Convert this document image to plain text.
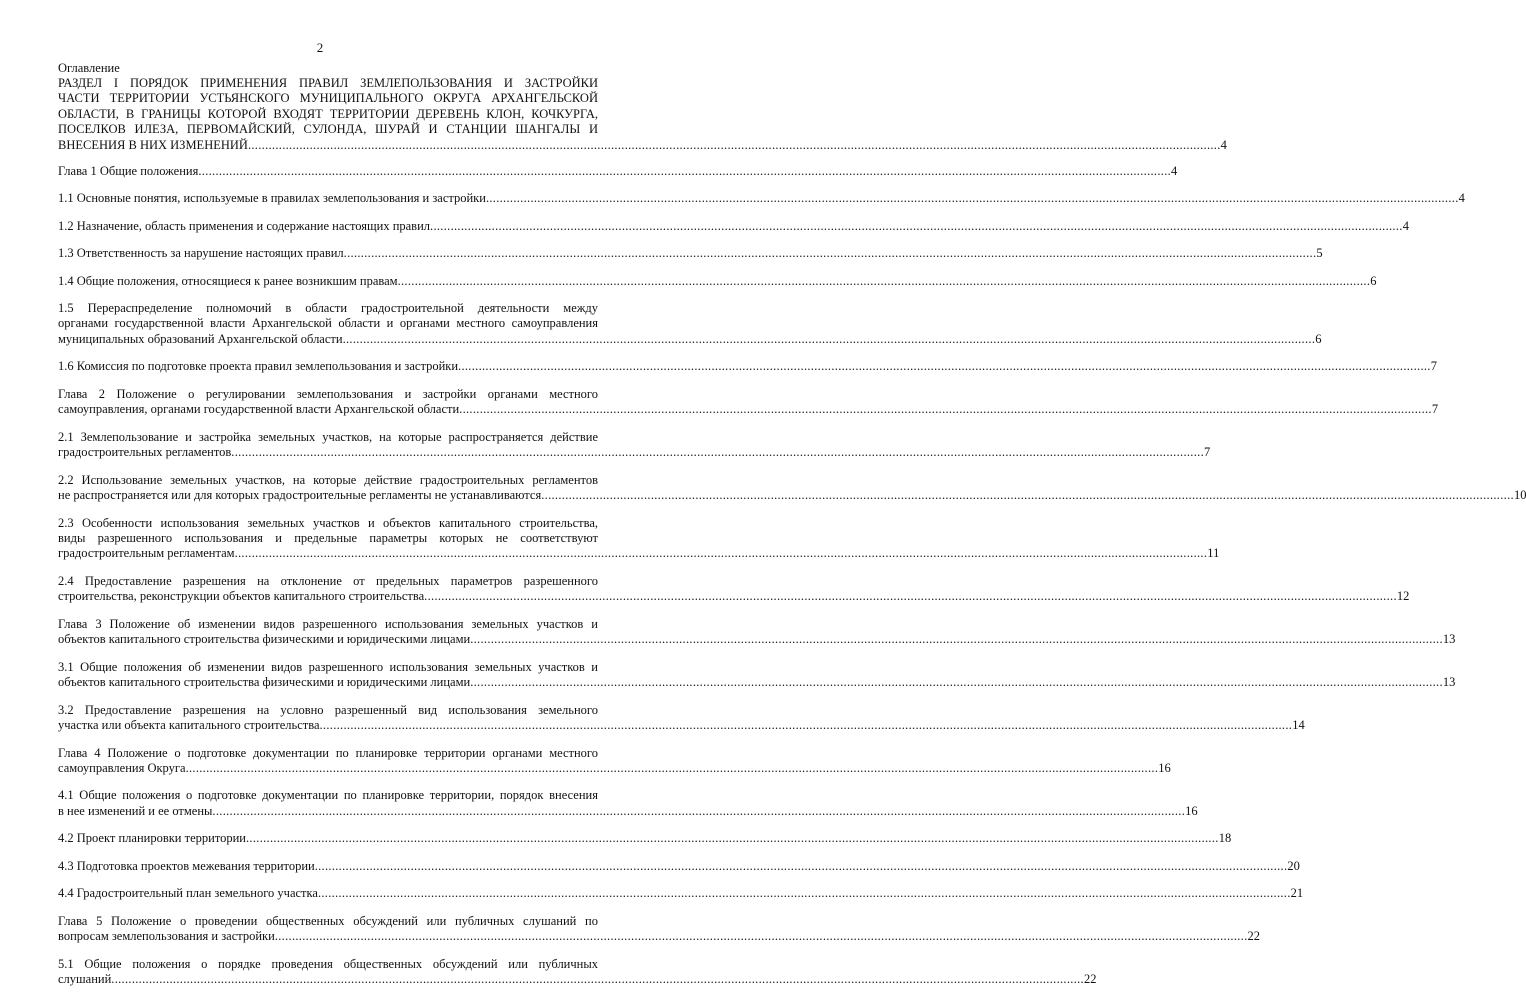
2
Оглавление
РАЗДЕЛ I ПОРЯДОК ПРИМЕНЕНИЯ ПРАВИЛ ЗЕМЛЕПОЛЬЗОВАНИЯ И ЗАСТРОЙКИ
ЧАСТИ ТЕРРИТОРИИ УСТЬЯНСКОГО МУНИЦИПАЛЬНОГО ОКРУГА АРХАНГЕЛЬСКОЙ
ОБЛАСТИ, В ГРАНИЦЫ КОТОРОЙ ВХОДЯТ ТЕРРИТОРИИ ДЕРЕВЕНЬ КЛОН, КОЧКУРГА,
ПОСЕЛКОВ ИЛЕЗА, ПЕРВОМАЙСКИЙ, СУЛОНДА, ШУРАЙ И СТАНЦИИ ШАНГАЛЫ И
ВНЕСЕНИЯ В НИХ ИЗМЕНЕНИЙ .....	4
Глава 1 Общие положения .....	4
1.1 Основные понятия, используемые в правилах землепользования и застройки .....	4
1.2 Назначение, область применения и содержание настоящих правил .....	4
1.3 Ответственность за нарушение настоящих правил .....	5
1.4 Общие положения, относящиеся к ранее возникшим правам .....	6
1.5 Перераспределение полномочий в области градостроительной деятельности между
органами государственной власти Архангельской области и органами местного самоуправления
муниципальных образований Архангельской области .....	6
1.6 Комиссия по подготовке проекта правил землепользования и застройки .....	7
Глава 2 Положение о регулировании землепользования и застройки органами местного
самоуправления, органами государственной власти Архангельской области .....	7
2.1 Землепользование и застройка земельных участков, на которые распространяется действие
градостроительных регламентов .....	7
2.2 Использование земельных участков, на которые действие градостроительных регламентов
не распространяется или для которых градостроительные регламенты не устанавливаются .....	10
2.3 Особенности использования земельных участков и объектов капитального строительства,
виды разрешенного использования и предельные параметры которых не соответствуют
градостроительным регламентам .....	11
2.4 Предоставление разрешения на отклонение от предельных параметров разрешенного
строительства, реконструкции объектов капитального строительства .....	12
Глава 3 Положение об изменении видов разрешенного использования земельных участков и
объектов капитального строительства физическими и юридическими лицами .....	13
3.1 Общие положения об изменении видов разрешенного использования земельных участков и
объектов капитального строительства физическими и юридическими лицами .....	13
3.2 Предоставление разрешения на условно разрешенный вид использования земельного
участка или объекта капитального строительства .....	14
Глава 4 Положение о подготовке документации по планировке территории органами местного
самоуправления Округа .....	16
4.1 Общие положения о подготовке документации по планировке территории, порядок внесения
в нее изменений и ее отмены .....	16
4.2 Проект планировки территории .....	18
4.3 Подготовка проектов межевания территории .....	20
4.4 Градостроительный план земельного участка .....	21
Глава 5 Положение о проведении общественных обсуждений или публичных слушаний по
вопросам землепользования и застройки .....	22
5.1 Общие положения о порядке проведения общественных обсуждений или публичных
слушаний .....	22
